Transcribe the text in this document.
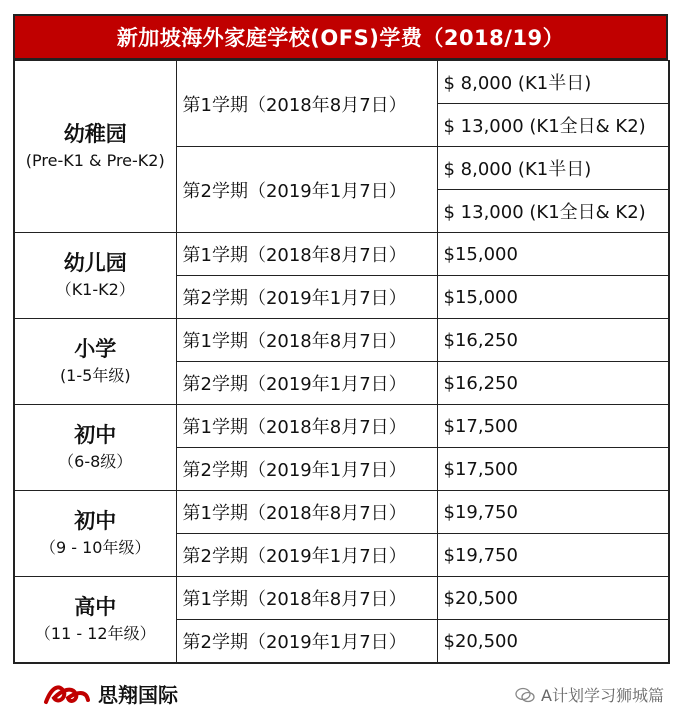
新加坡海外家庭学校(OFS)学费（2018/19）
幼稚园
(Pre-K1 & Pre-K2)	第1学期（2018年8月7日）	$ 8,000 (K1半日)
		$ 13,000 (K1全日& K2)
	第2学期（2019年1月7日）	$ 8,000 (K1半日)
		$ 13,000 (K1全日& K2)

幼儿园
（K1-K2）	第1学期（2018年8月7日）	$15,000
	第2学期（2019年1月7日）	$15,000

小学
(1-5年级)	第1学期（2018年8月7日）	$16,250
	第2学期（2019年1月7日）	$16,250

初中
（6-8级）	第1学期（2018年8月7日）	$17,500
	第2学期（2019年1月7日）	$17,500

初中
（9 - 10年级）	第1学期（2018年8月7日）	$19,750
	第2学期（2019年1月7日）	$19,750

高中
（11 - 12年级）	第1学期（2018年8月7日）	$20,500
	第2学期（2019年1月7日）	$20,500
思翔国际	A计划学习狮城篇
